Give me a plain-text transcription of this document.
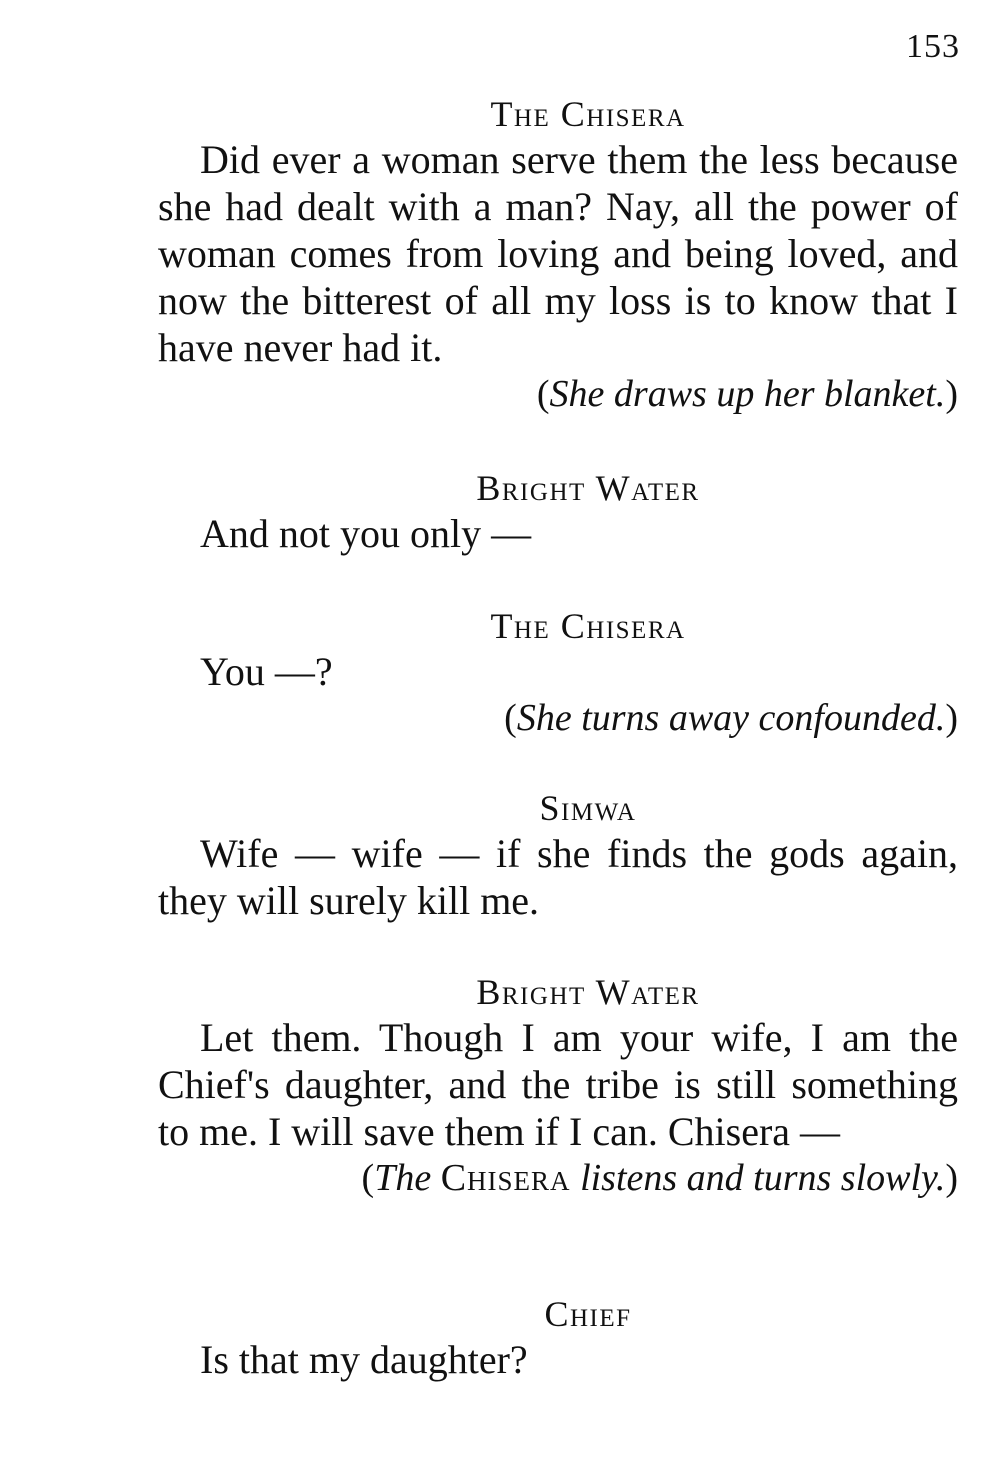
153
The Chisera
Did ever a woman serve them the less because she had dealt with a man? Nay, all the power of woman comes from loving and being loved, and now the bitterest of all my loss is to know that I have never had it.
(She draws up her blanket.)
Bright Water
And not you only —
The Chisera
You —?
(She turns away confounded.)
Simwa
Wife — wife — if she finds the gods again, they will surely kill me.
Bright Water
Let them. Though I am your wife, I am the Chief's daughter, and the tribe is still something to me. I will save them if I can. Chisera —
(The Chisera listens and turns slowly.)
Chief
Is that my daughter?
